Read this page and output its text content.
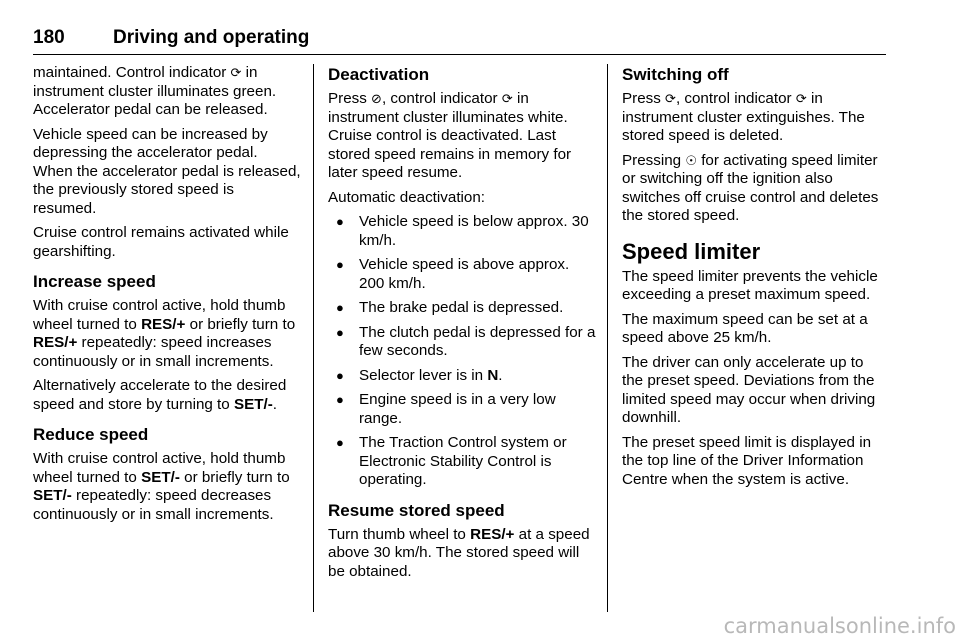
180	Driving and operating

maintained. Control indicator ⟳ in instrument cluster illuminates green. Accelerator pedal can be released.

Vehicle speed can be increased by depressing the accelerator pedal. When the accelerator pedal is released, the previously stored speed is resumed.

Cruise control remains activated while gearshifting.

Increase speed

With cruise control active, hold thumb wheel turned to RES/+ or briefly turn to RES/+ repeatedly: speed increases continuously or in small increments.

Alternatively accelerate to the desired speed and store by turning to SET/-.

Reduce speed

With cruise control active, hold thumb wheel turned to SET/- or briefly turn to SET/- repeatedly: speed decreases continuously or in small increments.

Deactivation

Press ⊘, control indicator ⟳ in instrument cluster illuminates white. Cruise control is deactivated. Last stored speed remains in memory for later speed resume.

Automatic deactivation:

● Vehicle speed is below approx. 30 km/h.
● Vehicle speed is above approx. 200 km/h.
● The brake pedal is depressed.
● The clutch pedal is depressed for a few seconds.
● Selector lever is in N.
● Engine speed is in a very low range.
● The Traction Control system or Electronic Stability Control is operating.
Resume stored speed

Turn thumb wheel to RES/+ at a speed above 30 km/h. The stored speed will be obtained.

Switching off

Press ⟳, control indicator ⟳ in instrument cluster extinguishes. The stored speed is deleted.

Pressing ☉ for activating speed limiter or switching off the ignition also switches off cruise control and deletes the stored speed.

Speed limiter

The speed limiter prevents the vehicle exceeding a preset maximum speed.

The maximum speed can be set at a speed above 25 km/h.

The driver can only accelerate up to the preset speed. Deviations from the limited speed may occur when driving downhill.

The preset speed limit is displayed in the top line of the Driver Information Centre when the system is active.

carmanualsonline.info
